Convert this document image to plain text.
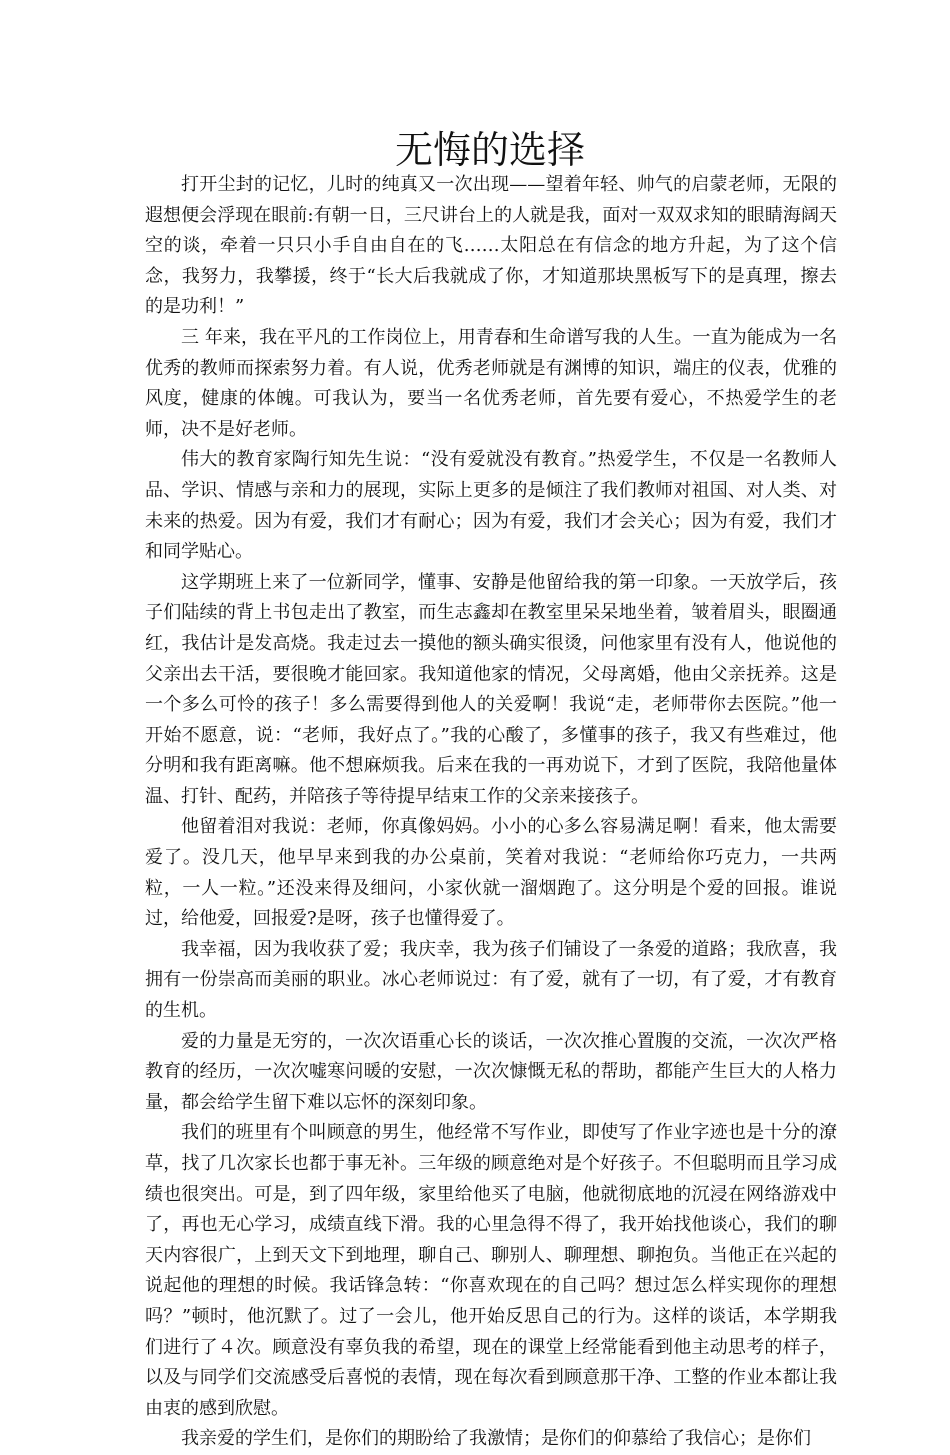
无悔的选择

打开尘封的记忆，儿时的纯真又一次出现——望着年轻、帅气的启蒙老师，无限的遐想便会浮现在眼前:有朝一日，三尺讲台上的人就是我，面对一双双求知的眼睛海阔天空的谈，牵着一只只小手自由自在的飞……太阳总在有信念的地方升起，为了这个信念，我努力，我攀援，终于“长大后我就成了你，才知道那块黑板写下的是真理，擦去的是功利！”

三 年来，我在平凡的工作岗位上，用青春和生命谱写我的人生。一直为能成为一名优秀的教师而探索努力着。有人说，优秀老师就是有渊博的知识，端庄的仪表，优雅的风度，健康的体魄。可我认为，要当一名优秀老师，首先要有爱心，不热爱学生的老师，决不是好老师。

伟大的教育家陶行知先生说：“没有爱就没有教育。”热爱学生，不仅是一名教师人品、学识、情感与亲和力的展现，实际上更多的是倾注了我们教师对祖国、对人类、对未来的热爱。因为有爱，我们才有耐心；因为有爱，我们才会关心；因为有爱，我们才和同学贴心。

这学期班上来了一位新同学，懂事、安静是他留给我的第一印象。一天放学后，孩子们陆续的背上书包走出了教室，而生志鑫却在教室里呆呆地坐着，皱着眉头，眼圈通红，我估计是发高烧。我走过去一摸他的额头确实很烫，问他家里有没有人，他说他的父亲出去干活，要很晚才能回家。我知道他家的情况，父母离婚，他由父亲抚养。这是一个多么可怜的孩子！多么需要得到他人的关爱啊！我说“走，老师带你去医院。”他一开始不愿意，说：“老师，我好点了。”我的心酸了，多懂事的孩子，我又有些难过，他分明和我有距离嘛。他不想麻烦我。后来在我的一再劝说下，才到了医院，我陪他量体温、打针、配药，并陪孩子等待提早结束工作的父亲来接孩子。

他留着泪对我说：老师，你真像妈妈。小小的心多么容易满足啊！看来，他太需要爱了。没几天，他早早来到我的办公桌前，笑着对我说：“老师给你巧克力，一共两粒，一人一粒。”还没来得及细问，小家伙就一溜烟跑了。这分明是个爱的回报。谁说过，给他爱，回报爱?是呀，孩子也懂得爱了。

我幸福，因为我收获了爱；我庆幸，我为孩子们铺设了一条爱的道路；我欣喜，我拥有一份崇高而美丽的职业。冰心老师说过：有了爱，就有了一切，有了爱，才有教育的生机。

爱的力量是无穷的，一次次语重心长的谈话，一次次推心置腹的交流，一次次严格教育的经历，一次次嘘寒问暖的安慰，一次次慷慨无私的帮助，都能产生巨大的人格力量，都会给学生留下难以忘怀的深刻印象。

我们的班里有个叫顾意的男生，他经常不写作业，即使写了作业字迹也是十分的潦草，找了几次家长也都于事无补。三年级的顾意绝对是个好孩子。不但聪明而且学习成绩也很突出。可是，到了四年级，家里给他买了电脑，他就彻底地的沉浸在网络游戏中了，再也无心学习，成绩直线下滑。我的心里急得不得了，我开始找他谈心，我们的聊天内容很广，上到天文下到地理，聊自己、聊别人、聊理想、聊抱负。当他正在兴起的说起他的理想的时候。我话锋急转：“你喜欢现在的自己吗？想过怎么样实现你的理想吗？”顿时，他沉默了。过了一会儿，他开始反思自己的行为。这样的谈话，本学期我们进行了４次。顾意没有辜负我的希望，现在的课堂上经常能看到他主动思考的样子，以及与同学们交流感受后喜悦的表情，现在每次看到顾意那干净、工整的作业本都让我由衷的感到欣慰。

我亲爱的学生们，是你们的期盼给了我激情；是你们的仰慕给了我信心；是你们
